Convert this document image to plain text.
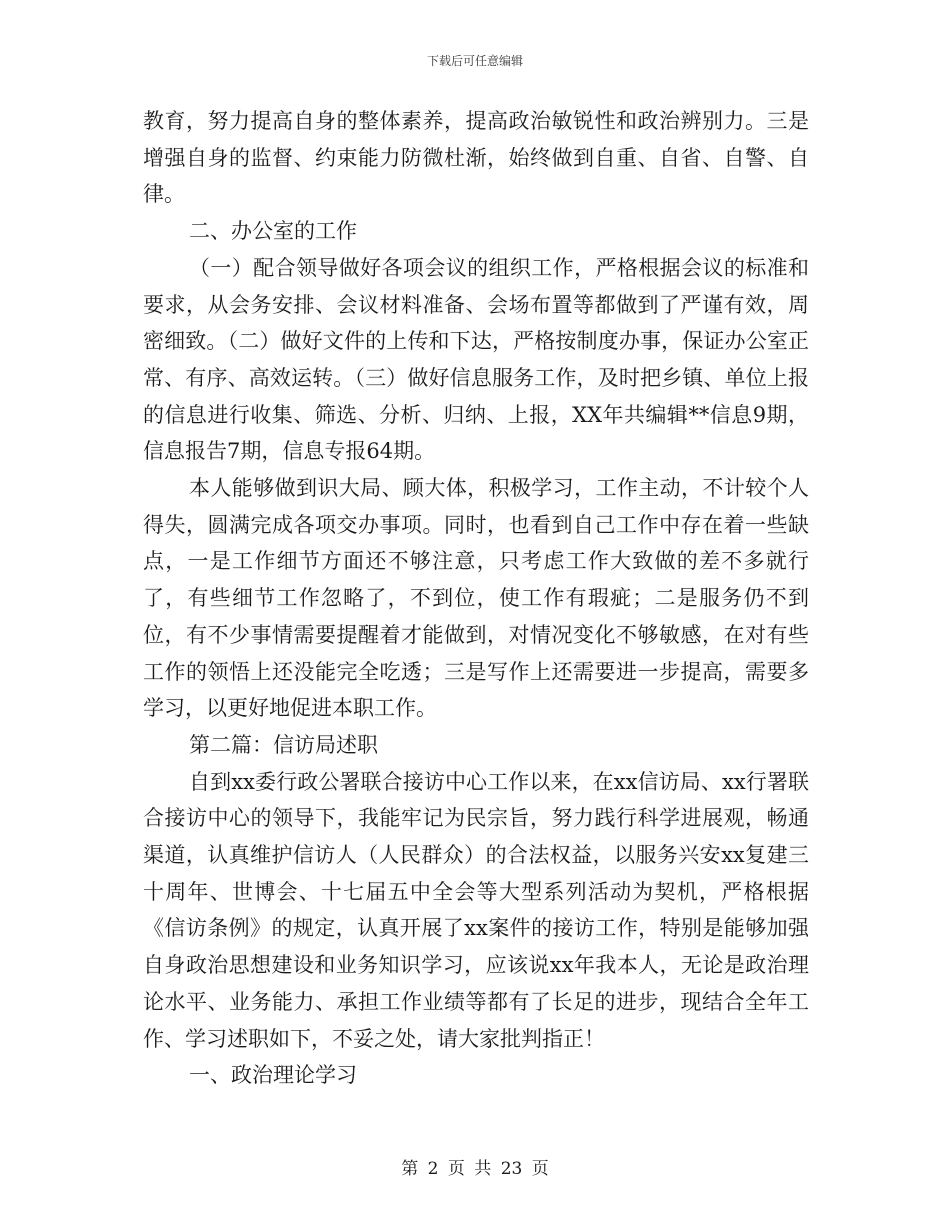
下载后可任意编辑

教育，努力提高自身的整体素养，提高政治敏锐性和政治辨别力。三是增强自身的监督、约束能力防微杜渐，始终做到自重、自省、自警、自律。

二、办公室的工作

（一）配合领导做好各项会议的组织工作，严格根据会议的标准和要求，从会务安排、会议材料准备、会场布置等都做到了严谨有效，周密细致。（二）做好文件的上传和下达，严格按制度办事，保证办公室正常、有序、高效运转。（三）做好信息服务工作，及时把乡镇、单位上报的信息进行收集、筛选、分析、归纳、上报，XX年共编辑**信息9期，信息报告7期，信息专报64期。

本人能够做到识大局、顾大体，积极学习，工作主动，不计较个人得失，圆满完成各项交办事项。同时，也看到自己工作中存在着一些缺点，一是工作细节方面还不够注意，只考虑工作大致做的差不多就行了，有些细节工作忽略了，不到位，使工作有瑕疵；二是服务仍不到位，有不少事情需要提醒着才能做到，对情况变化不够敏感，在对有些工作的领悟上还没能完全吃透；三是写作上还需要进一步提高，需要多学习，以更好地促进本职工作。

第二篇：信访局述职

自到xx委行政公署联合接访中心工作以来，在xx信访局、xx行署联合接访中心的领导下，我能牢记为民宗旨，努力践行科学进展观，畅通渠道，认真维护信访人（人民群众）的合法权益，以服务兴安xx复建三十周年、世博会、十七届五中全会等大型系列活动为契机，严格根据《信访条例》的规定，认真开展了xx案件的接访工作，特别是能够加强自身政治思想建设和业务知识学习，应该说xx年我本人，无论是政治理论水平、业务能力、承担工作业绩等都有了长足的进步，现结合全年工作、学习述职如下，不妥之处，请大家批判指正！

一、政治理论学习

第 2 页 共 23 页
